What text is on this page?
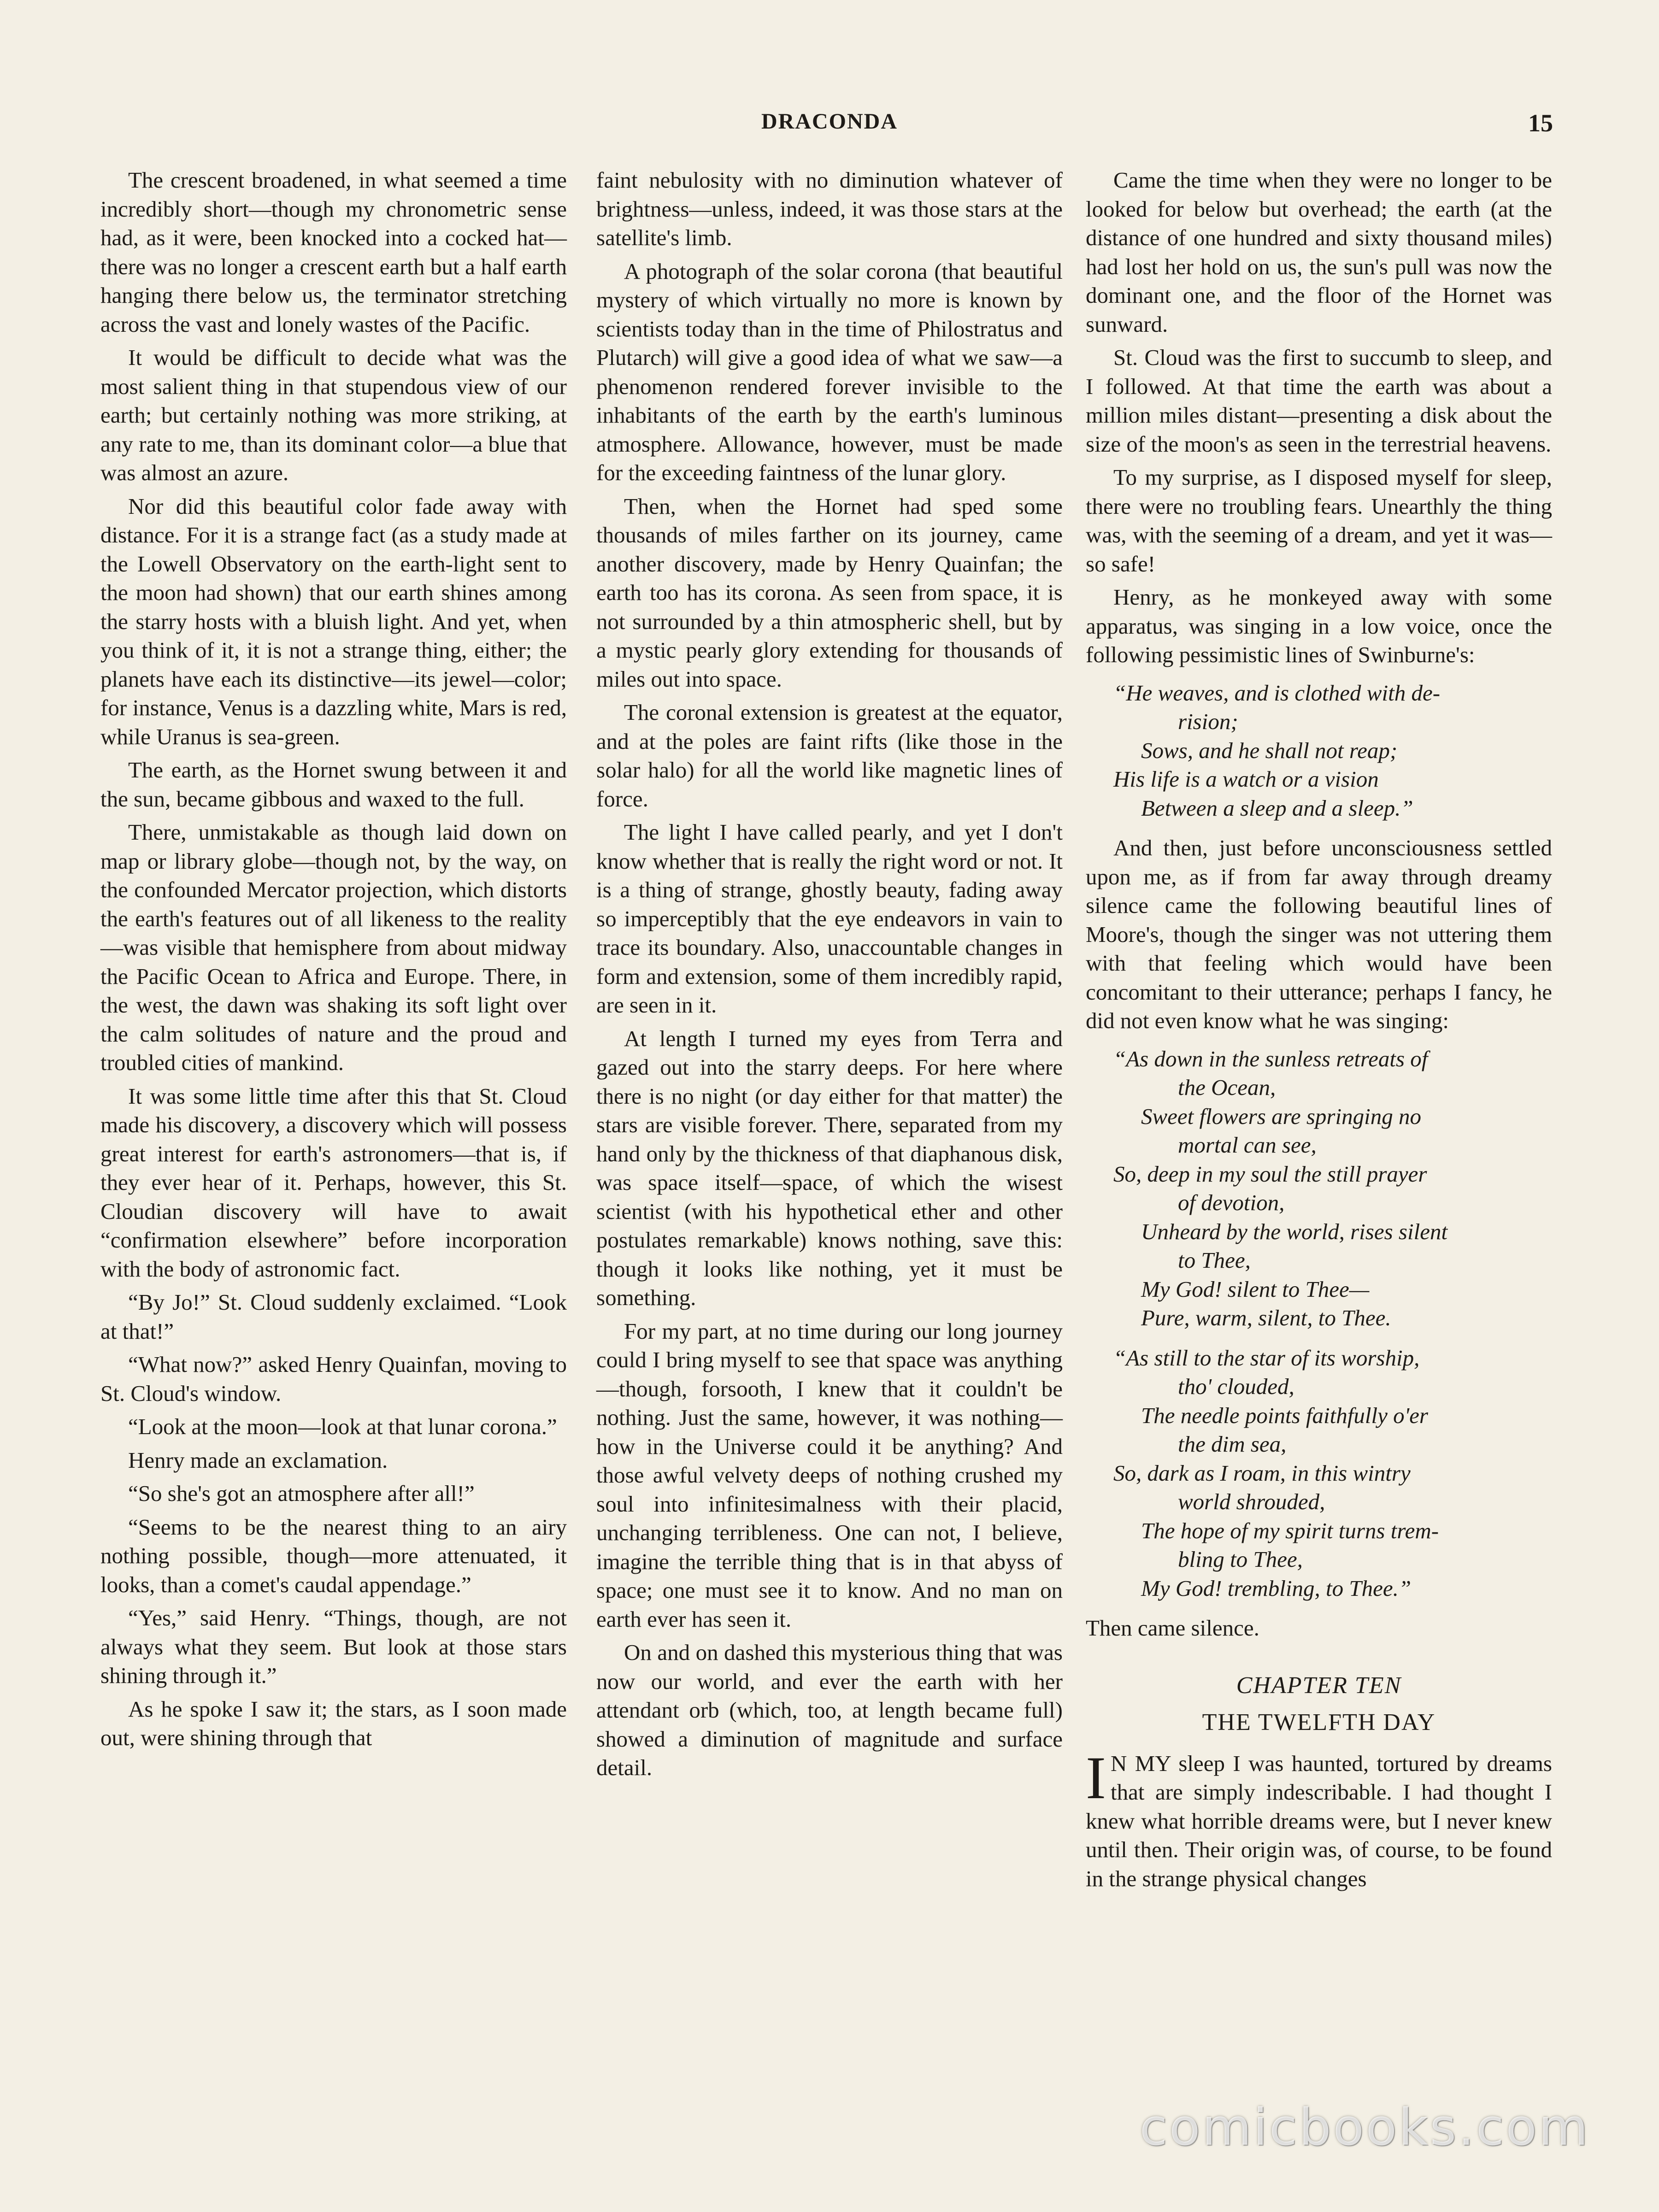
DRACONDA	15

The crescent broadened, in what seemed a time incredibly short—though my chronometric sense had, as it were, been knocked into a cocked hat—there was no longer a crescent earth but a half earth hanging there below us, the terminator stretching across the vast and lonely wastes of the Pacific.

It would be difficult to decide what was the most salient thing in that stupendous view of our earth; but certainly nothing was more striking, at any rate to me, than its dominant color—a blue that was almost an azure.

Nor did this beautiful color fade away with distance. For it is a strange fact (as a study made at the Lowell Observatory on the earth-light sent to the moon had shown) that our earth shines among the starry hosts with a bluish light. And yet, when you think of it, it is not a strange thing, either; the planets have each its distinctive—its jewel—color; for instance, Venus is a dazzling white, Mars is red, while Uranus is sea-green.

The earth, as the Hornet swung between it and the sun, became gibbous and waxed to the full.

There, unmistakable as though laid down on map or library globe—though not, by the way, on the confounded Mercator projection, which distorts the earth's features out of all likeness to the reality—was visible that hemisphere from about midway the Pacific Ocean to Africa and Europe. There, in the west, the dawn was shaking its soft light over the calm solitudes of nature and the proud and troubled cities of mankind.

It was some little time after this that St. Cloud made his discovery, a discovery which will possess great interest for earth's astronomers—that is, if they ever hear of it. Perhaps, however, this St. Cloudian discovery will have to await “confirmation elsewhere” before incorporation with the body of astronomic fact.

“By Jo!” St. Cloud suddenly exclaimed. “Look at that!”

“What now?” asked Henry Quainfan, moving to St. Cloud's window.

“Look at the moon—look at that lunar corona.”

Henry made an exclamation.

“So she's got an atmosphere after all!”

“Seems to be the nearest thing to an airy nothing possible, though—more attenuated, it looks, than a comet's caudal appendage.”

“Yes,” said Henry. “Things, though, are not always what they seem. But look at those stars shining through it.”

As he spoke I saw it; the stars, as I soon made out, were shining through that

faint nebulosity with no diminution whatever of brightness—unless, indeed, it was those stars at the satellite's limb.

A photograph of the solar corona (that beautiful mystery of which virtually no more is known by scientists today than in the time of Philostratus and Plutarch) will give a good idea of what we saw—a phenomenon rendered forever invisible to the inhabitants of the earth by the earth's luminous atmosphere. Allowance, however, must be made for the exceeding faintness of the lunar glory.

Then, when the Hornet had sped some thousands of miles farther on its journey, came another discovery, made by Henry Quainfan; the earth too has its corona. As seen from space, it is not surrounded by a thin atmospheric shell, but by a mystic pearly glory extending for thousands of miles out into space.

The coronal extension is greatest at the equator, and at the poles are faint rifts (like those in the solar halo) for all the world like magnetic lines of force.

The light I have called pearly, and yet I don't know whether that is really the right word or not. It is a thing of strange, ghostly beauty, fading away so imperceptibly that the eye endeavors in vain to trace its boundary. Also, unaccountable changes in form and extension, some of them incredibly rapid, are seen in it.

At length I turned my eyes from Terra and gazed out into the starry deeps. For here where there is no night (or day either for that matter) the stars are visible forever. There, separated from my hand only by the thickness of that diaphanous disk, was space itself—space, of which the wisest scientist (with his hypothetical ether and other postulates remarkable) knows nothing, save this: though it looks like nothing, yet it must be something.

For my part, at no time during our long journey could I bring myself to see that space was anything—though, forsooth, I knew that it couldn't be nothing. Just the same, however, it was nothing—how in the Universe could it be anything? And those awful velvety deeps of nothing crushed my soul into infinitesimalness with their placid, unchanging terribleness. One can not, I believe, imagine the terrible thing that is in that abyss of space; one must see it to know. And no man on earth ever has seen it.

On and on dashed this mysterious thing that was now our world, and ever the earth with her attendant orb (which, too, at length became full) showed a diminution of magnitude and surface detail.

Came the time when they were no longer to be looked for below but overhead; the earth (at the distance of one hundred and sixty thousand miles) had lost her hold on us, the sun's pull was now the dominant one, and the floor of the Hornet was sunward.

St. Cloud was the first to succumb to sleep, and I followed. At that time the earth was about a million miles distant—presenting a disk about the size of the moon's as seen in the terrestrial heavens.

To my surprise, as I disposed myself for sleep, there were no troubling fears. Unearthly the thing was, with the seeming of a dream, and yet it was—so safe!

Henry, as he monkeyed away with some apparatus, was singing in a low voice, once the following pessimistic lines of Swinburne's:

“He weaves, and is clothed with de-
rision;
Sows, and he shall not reap;
His life is a watch or a vision
Between a sleep and a sleep.”

And then, just before unconsciousness settled upon me, as if from far away through dreamy silence came the following beautiful lines of Moore's, though the singer was not uttering them with that feeling which would have been concomitant to their utterance; perhaps I fancy, he did not even know what he was singing:

“As down in the sunless retreats of
the Ocean,
Sweet flowers are springing no
mortal can see,
So, deep in my soul the still prayer
of devotion,
Unheard by the world, rises silent
to Thee,
My God! silent to Thee—
Pure, warm, silent, to Thee.
“As still to the star of its worship,
tho' clouded,
The needle points faithfully o'er
the dim sea,
So, dark as I roam, in this wintry
world shrouded,
The hope of my spirit turns trem-
bling to Thee,
My God! trembling, to Thee.”

Then came silence.

CHAPTER TEN
THE TWELFTH DAY

I N MY sleep I was haunted, tortured by dreams that are simply indescribable. I had thought I knew what horrible dreams were, but I never knew until then. Their origin was, of course, to be found in the strange physical changes

comicbooks.com
